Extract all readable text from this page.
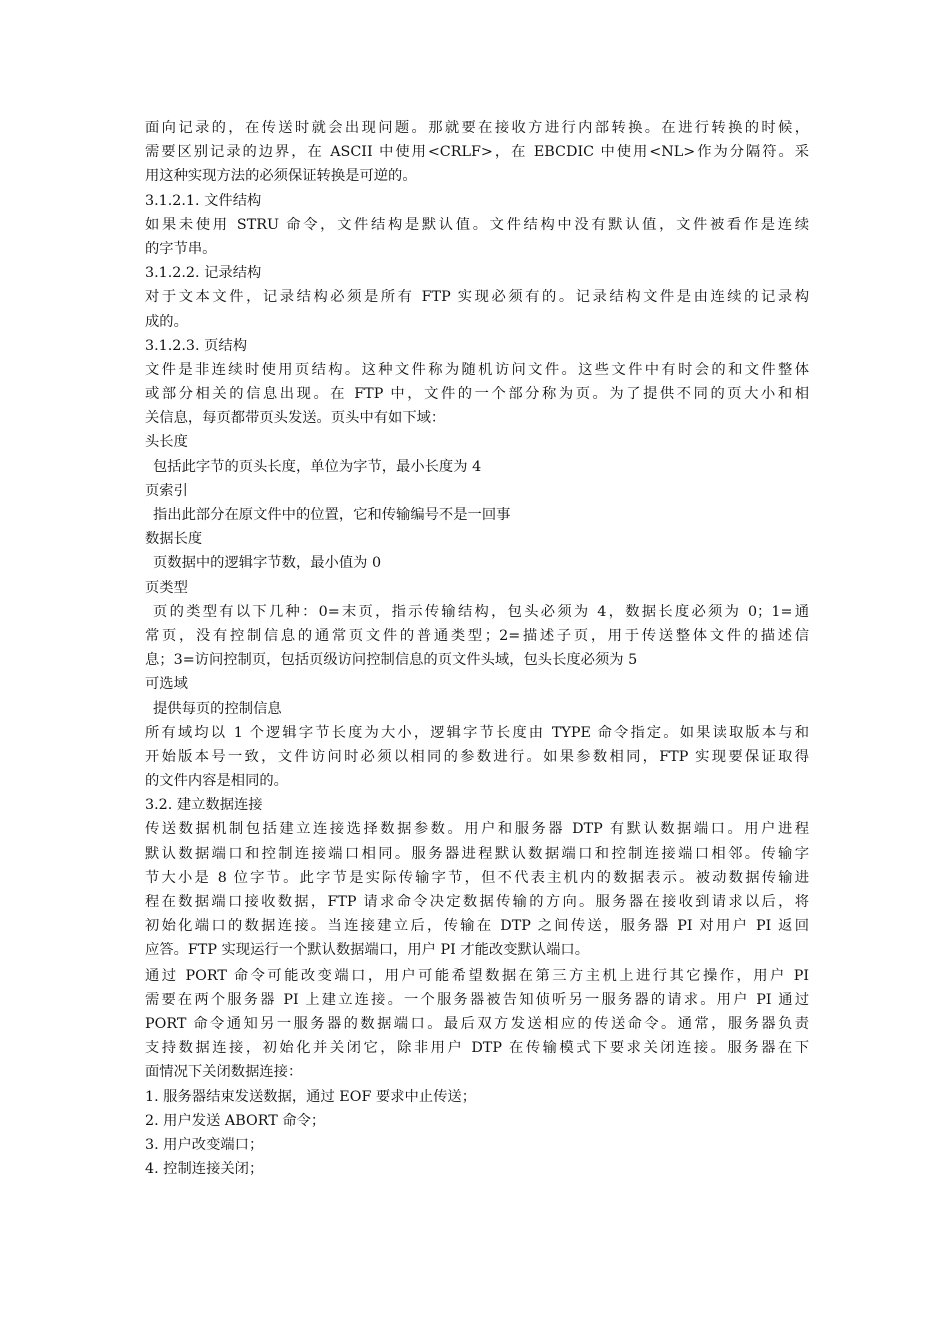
面向记录的，在传送时就会出现问题。那就要在接收方进行内部转换。在进行转换的时候，
需要区别记录的边界，在 ASCII 中使用<CRLF>，在 EBCDIC 中使用<NL>作为分隔符。采
用这种实现方法的必须保证转换是可逆的。
3.1.2.1. 文件结构
如果未使用 STRU 命令，文件结构是默认值。文件结构中没有默认值，文件被看作是连续
的字节串。
3.1.2.2. 记录结构
对于文本文件，记录结构必须是所有 FTP 实现必须有的。记录结构文件是由连续的记录构
成的。
3.1.2.3. 页结构
文件是非连续时使用页结构。这种文件称为随机访问文件。这些文件中有时会的和文件整体
或部分相关的信息出现。在 FTP 中，文件的一个部分称为页。为了提供不同的页大小和相
关信息，每页都带页头发送。页头中有如下域：
头长度
包括此字节的页头长度，单位为字节，最小长度为 4
页索引
指出此部分在原文件中的位置，它和传输编号不是一回事
数据长度
页数据中的逻辑字节数，最小值为 0
页类型
页的类型有以下几种：0=末页，指示传输结构，包头必须为 4，数据长度必须为 0；1=通
常页，没有控制信息的通常页文件的普通类型；2=描述子页，用于传送整体文件的描述信
息；3=访问控制页，包括页级访问控制信息的页文件头域，包头长度必须为 5
可选域
提供每页的控制信息
所有域均以 1 个逻辑字节长度为大小，逻辑字节长度由 TYPE 命令指定。如果读取版本与和
开始版本号一致，文件访问时必须以相同的参数进行。如果参数相同，FTP 实现要保证取得
的文件内容是相同的。
3.2. 建立数据连接
传送数据机制包括建立连接选择数据参数。用户和服务器 DTP 有默认数据端口。用户进程
默认数据端口和控制连接端口相同。服务器进程默认数据端口和控制连接端口相邻。传输字
节大小是 8 位字节。此字节是实际传输字节，但不代表主机内的数据表示。被动数据传输进
程在数据端口接收数据，FTP 请求命令决定数据传输的方向。服务器在接收到请求以后，将
初始化端口的数据连接。当连接建立后，传输在 DTP 之间传送，服务器 PI 对用户 PI 返回
应答。FTP 实现运行一个默认数据端口，用户 PI 才能改变默认端口。
通过 PORT 命令可能改变端口，用户可能希望数据在第三方主机上进行其它操作，用户 PI
需要在两个服务器 PI 上建立连接。一个服务器被告知侦听另一服务器的请求。用户 PI 通过
PORT 命令通知另一服务器的数据端口。最后双方发送相应的传送命令。通常，服务器负责
支持数据连接，初始化并关闭它，除非用户 DTP 在传输模式下要求关闭连接。服务器在下
面情况下关闭数据连接：
1. 服务器结束发送数据，通过 EOF 要求中止传送；
2. 用户发送 ABORT 命令；
3. 用户改变端口；
4. 控制连接关闭；
